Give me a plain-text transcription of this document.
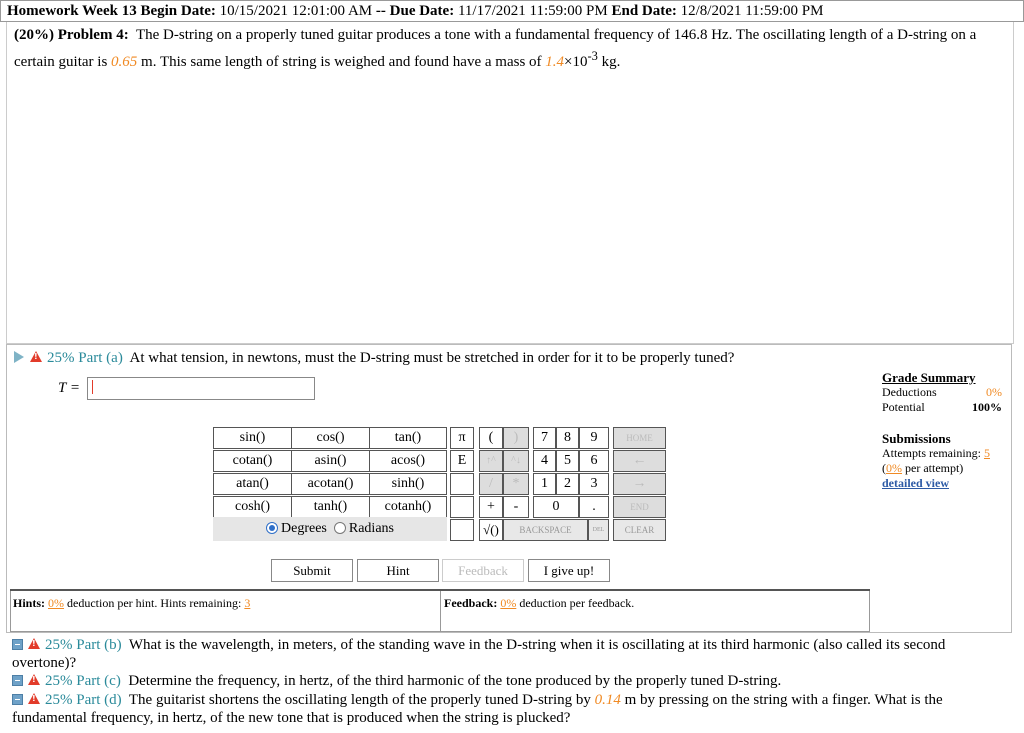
Homework Week 13 Begin Date: 10/15/2021 12:01:00 AM -- Due Date: 11/17/2021 11:59:00 PM End Date: 12/8/2021 11:59:00 PM
(20%) Problem 4: The D-string on a properly tuned guitar produces a tone with a fundamental frequency of 146.8 Hz. The oscillating length of a D-string on a certain guitar is 0.65 m. This same length of string is weighed and found have a mass of $1.4\times 10^{-3}$ kg.
!25% Part (a) At what tension, in newtons, must the D-string must be stretched in order for it to be properly tuned?
T =
sin()	cos()	tan()
cotan()	asin()	acos()
atan()	acotan()	sinh()
cosh()	tanh()	cotanh()
Degrees Radians
π	(	)	7	8	9	HOME
E	↑^	^↓	4	5	6	←
/	*	1	2	3	→
+	-	0	.	END
√()	BACKSPACE	DEL	CLEAR
Submit	Hint	Feedback	I give up!
Hints: 0% deduction per hint. Hints remaining: 3	Feedback: 0% deduction per feedback.
Grade Summary
Deductions	0%
Potential	100%
Submissions
Attempts remaining: 5
(0% per attempt)
detailed view
!25% Part (b) What is the wavelength, in meters, of the standing wave in the D-string when it is oscillating at its third harmonic (also called its second overtone)?
!25% Part (c) Determine the frequency, in hertz, of the third harmonic of the tone produced by the properly tuned D-string.
!25% Part (d) The guitarist shortens the oscillating length of the properly tuned D-string by 0.14 m by pressing on the string with a finger. What is the fundamental frequency, in hertz, of the new tone that is produced when the string is plucked?
